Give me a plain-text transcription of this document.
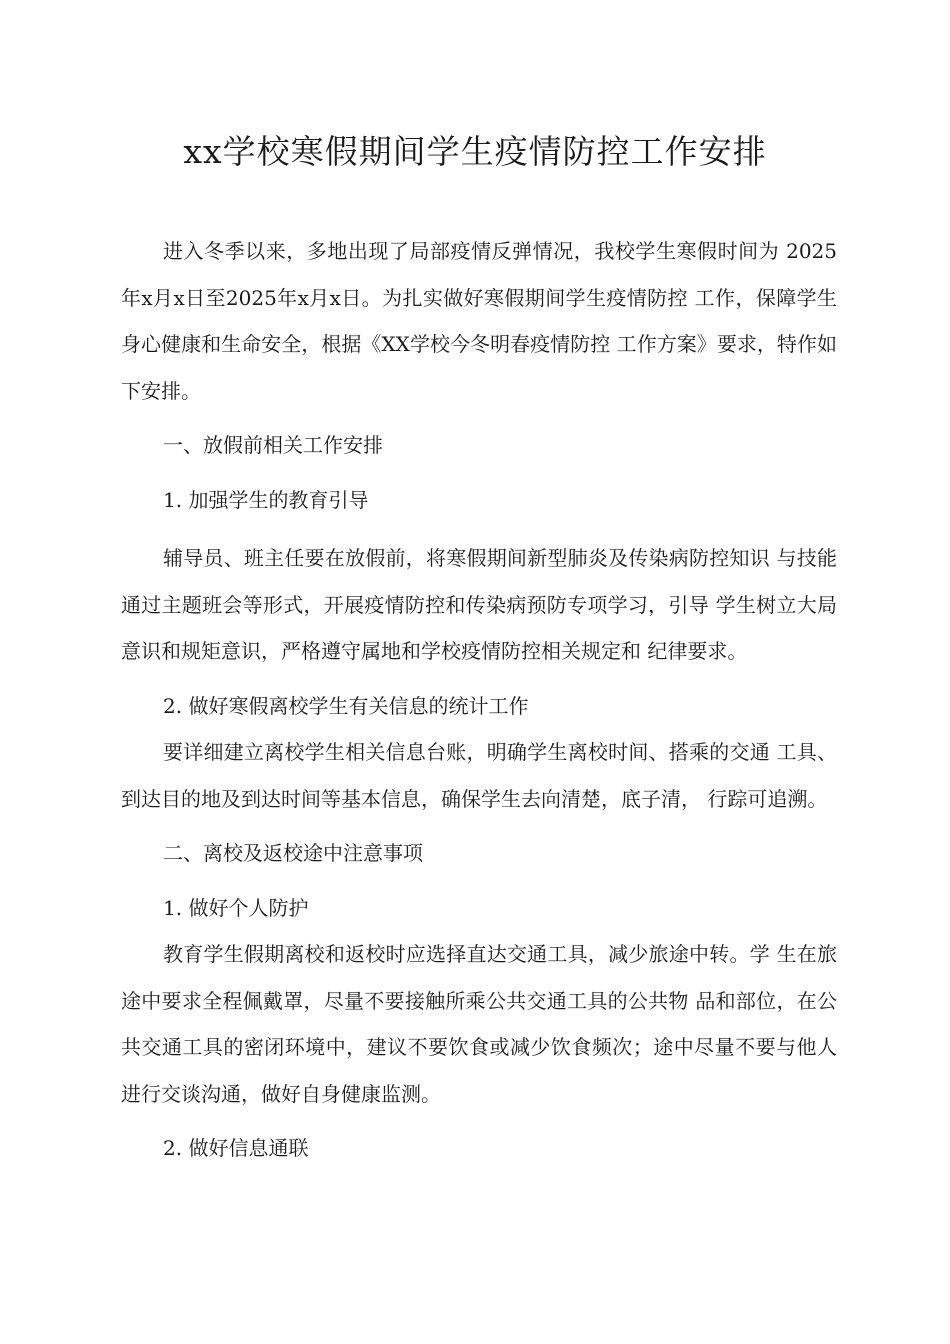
xx学校寒假期间学生疫情防控工作安排

进入冬季以来，多地出现了局部疫情反弹情况，我校学生寒假时间为 2025年x月x日至2025年x月x日。为扎实做好寒假期间学生疫情防控 工作，保障学生身心健康和生命安全，根据《XX学校今冬明春疫情防控 工作方案》要求，特作如下安排。

一、放假前相关工作安排

1. 加强学生的教育引导

辅导员、班主任要在放假前，将寒假期间新型肺炎及传染病防控知识 与技能通过主题班会等形式，开展疫情防控和传染病预防专项学习，引导 学生树立大局意识和规矩意识，严格遵守属地和学校疫情防控相关规定和 纪律要求。

2. 做好寒假离校学生有关信息的统计工作

要详细建立离校学生相关信息台账，明确学生离校时间、搭乘的交通 工具、到达目的地及到达时间等基本信息，确保学生去向清楚，底子清， 行踪可追溯。

二、离校及返校途中注意事项

1. 做好个人防护

教育学生假期离校和返校时应选择直达交通工具，减少旅途中转。学 生在旅途中要求全程佩戴罩，尽量不要接触所乘公共交通工具的公共物 品和部位，在公共交通工具的密闭环境中，建议不要饮食或减少饮食频次；途中尽量不要与他人进行交谈沟通，做好自身健康监测。

2. 做好信息通联
